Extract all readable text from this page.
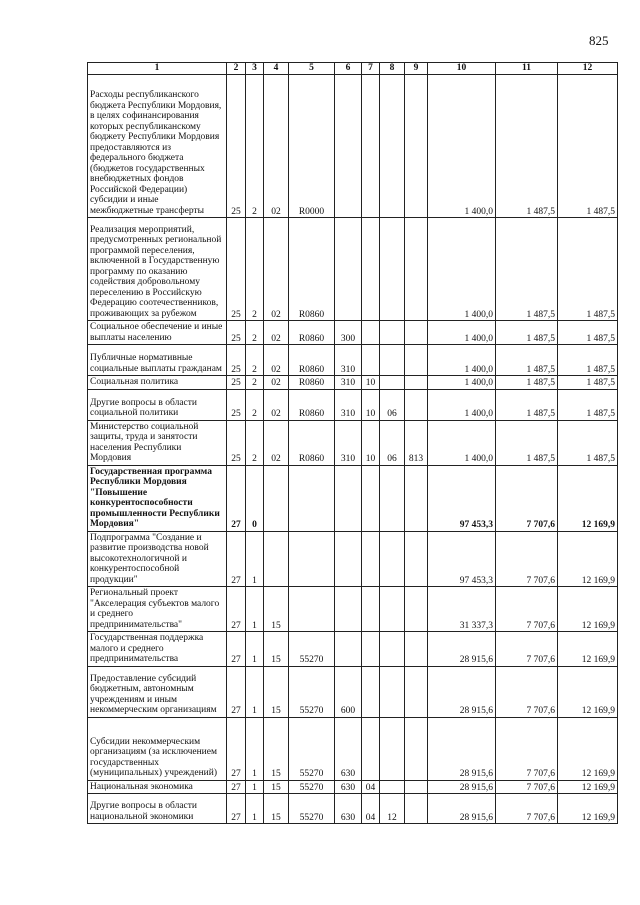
825
1	2	3	4	5	6	7	8	9	10	11	12
Расходы республиканского бюджета Республики Мордовия, в целях софинансирования которых республиканскому бюджету Республики Мордовия предоставляются из федерального бюджета (бюджетов государственных внебюджетных фондов Российской Федерации) субсидии и иные межбюджетные трансферты	25	2	02	R0000					1 400,0	1 487,5	1 487,5
Реализация мероприятий, предусмотренных региональной программой переселения, включенной в Государственную программу по оказанию содействия добровольному переселению в Российскую Федерацию соотечественников, проживающих за рубежом	25	2	02	R0860					1 400,0	1 487,5	1 487,5
Социальное обеспечение и иные выплаты населению	25	2	02	R0860	300				1 400,0	1 487,5	1 487,5
Публичные нормативные социальные выплаты гражданам	25	2	02	R0860	310				1 400,0	1 487,5	1 487,5
Социальная политика	25	2	02	R0860	310	10			1 400,0	1 487,5	1 487,5
Другие вопросы в области социальной политики	25	2	02	R0860	310	10	06		1 400,0	1 487,5	1 487,5
Министерство социальной защиты, труда и занятости населения Республики Мордовия	25	2	02	R0860	310	10	06	813	1 400,0	1 487,5	1 487,5
Государственная программа Республики Мордовия "Повышение конкурентоспособности промышленности Республики Мордовия"	27	0							97 453,3	7 707,6	12 169,9
Подпрограмма "Создание и развитие производства новой высокотехнологичной и конкурентоспособной продукции"	27	1							97 453,3	7 707,6	12 169,9
Региональный проект "Акселерация субъектов малого и среднего предпринимательства"	27	1	15						31 337,3	7 707,6	12 169,9
Государственная поддержка малого и среднего предпринимательства	27	1	15	55270					28 915,6	7 707,6	12 169,9
Предоставление субсидий бюджетным, автономным учреждениям и иным некоммерческим организациям	27	1	15	55270	600				28 915,6	7 707,6	12 169,9
Субсидии некоммерческим организациям (за исключением государственных (муниципальных) учреждений)	27	1	15	55270	630				28 915,6	7 707,6	12 169,9
Национальная экономика	27	1	15	55270	630	04			28 915,6	7 707,6	12 169,9
Другие вопросы в области национальной экономики	27	1	15	55270	630	04	12		28 915,6	7 707,6	12 169,9
